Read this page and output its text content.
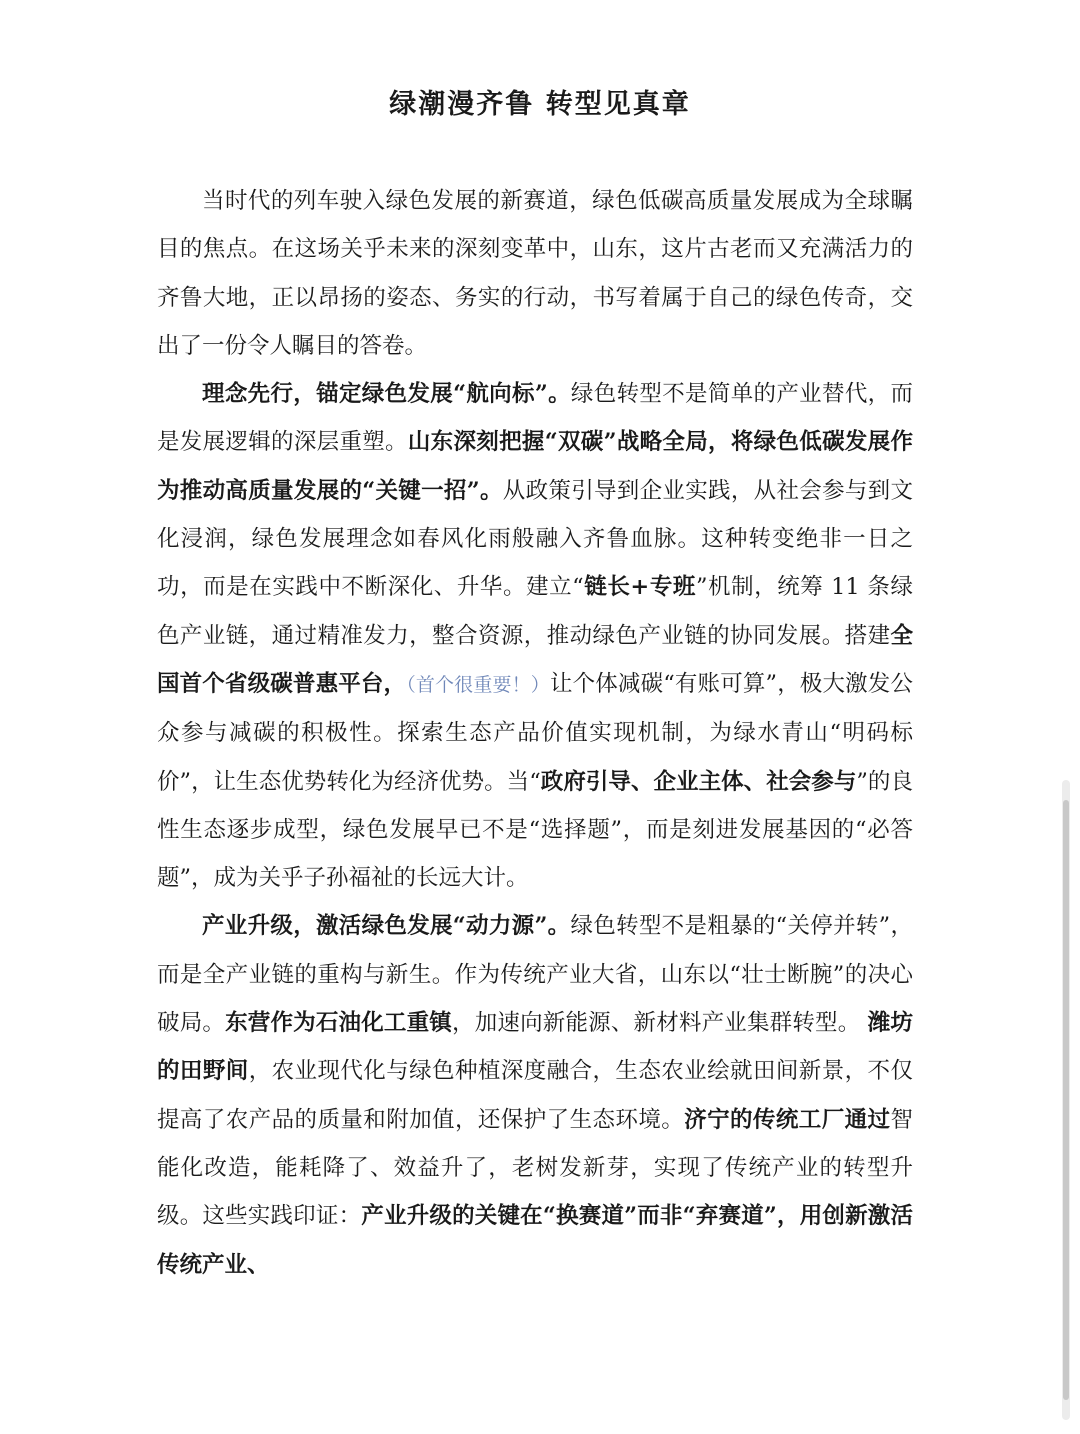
绿潮漫齐鲁 转型见真章

当时代的列车驶入绿色发展的新赛道，绿色低碳高质量发展成为全球瞩目的焦点。在这场关乎未来的深刻变革中，山东，这片古老而又充满活力的齐鲁大地，正以昂扬的姿态、务实的行动，书写着属于自己的绿色传奇，交出了一份令人瞩目的答卷。

理念先行，锚定绿色发展“航向标”。绿色转型不是简单的产业替代，而是发展逻辑的深层重塑。山东深刻把握“双碳”战略全局，将绿色低碳发展作为推动高质量发展的“关键一招”。从政策引导到企业实践，从社会参与到文化浸润，绿色发展理念如春风化雨般融入齐鲁血脉。这种转变绝非一日之功，而是在实践中不断深化、升华。建立“链长+专班”机制，统筹 11 条绿色产业链，通过精准发力，整合资源，推动绿色产业链的协同发展。搭建全国首个省级碳普惠平台，（首个很重要！）让个体减碳“有账可算”，极大激发公众参与减碳的积极性。探索生态产品价值实现机制，为绿水青山“明码标价”，让生态优势转化为经济优势。当“政府引导、企业主体、社会参与”的良性生态逐步成型，绿色发展早已不是“选择题”，而是刻进发展基因的“必答题”，成为关乎子孙福祉的长远大计。

产业升级，激活绿色发展“动力源”。绿色转型不是粗暴的“关停并转”，而是全产业链的重构与新生。作为传统产业大省，山东以“壮士断腕”的决心破局。东营作为石油化工重镇，加速向新能源、新材料产业集群转型。 潍坊的田野间，农业现代化与绿色种植深度融合，生态农业绘就田间新景，不仅提高了农产品的质量和附加值，还保护了生态环境。济宁的传统工厂通过智能化改造，能耗降了、效益升了，老树发新芽，实现了传统产业的转型升级。这些实践印证：产业升级的关键在“换赛道”而非“弃赛道”，用创新激活传统产业、
